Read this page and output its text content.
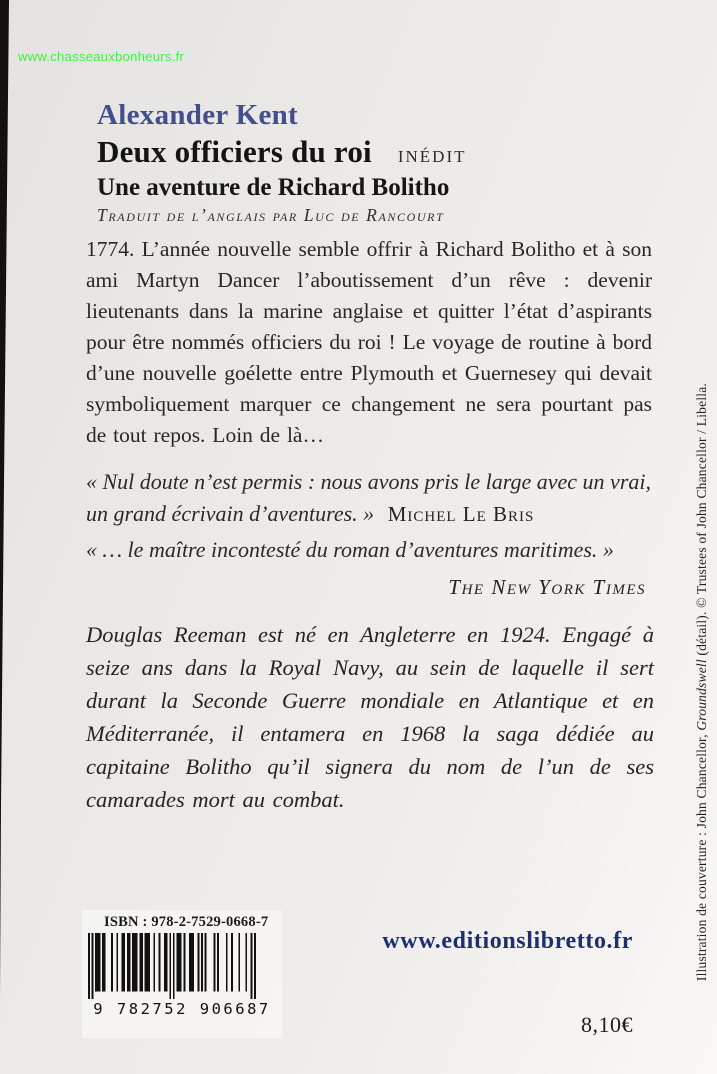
www.chasseauxbonheurs.fr
Alexander Kent
Deux officiers du roi INÉDIT
Une aventure de Richard Bolitho
Traduit de l’anglais par Luc de Rancourt
1774. L’année nouvelle semble offrir à Richard Bolitho et à son ami Martyn Dancer l’aboutissement d’un rêve : devenir lieutenants dans la marine anglaise et quitter l’état d’aspirants pour être nommés officiers du roi ! Le voyage de routine à bord d’une nouvelle goélette entre Plymouth et Guernesey qui devait symboliquement marquer ce changement ne sera pourtant pas de tout repos. Loin de là…
« Nul doute n’est permis : nous avons pris le large avec un vrai, un grand écrivain d’aventures. » Michel Le Bris
« … le maître incontesté du roman d’aventures maritimes. »
The New York Times
Douglas Reeman est né en Angleterre en 1924. Engagé à seize ans dans la Royal Navy, au sein de laquelle il sert durant la Seconde Guerre mondiale en Atlantique et en Méditerranée, il entamera en 1968 la saga dédiée au capitaine Bolitho qu’il signera du nom de l’un de ses camarades mort au combat.
ISBN : 978-2-7529-0668-7
9 782752 906687
www.editionslibretto.fr
8,10€
Illustration de couverture : John Chancellor, Groundswell (détail). © Trustees of John Chancellor / Libella.
